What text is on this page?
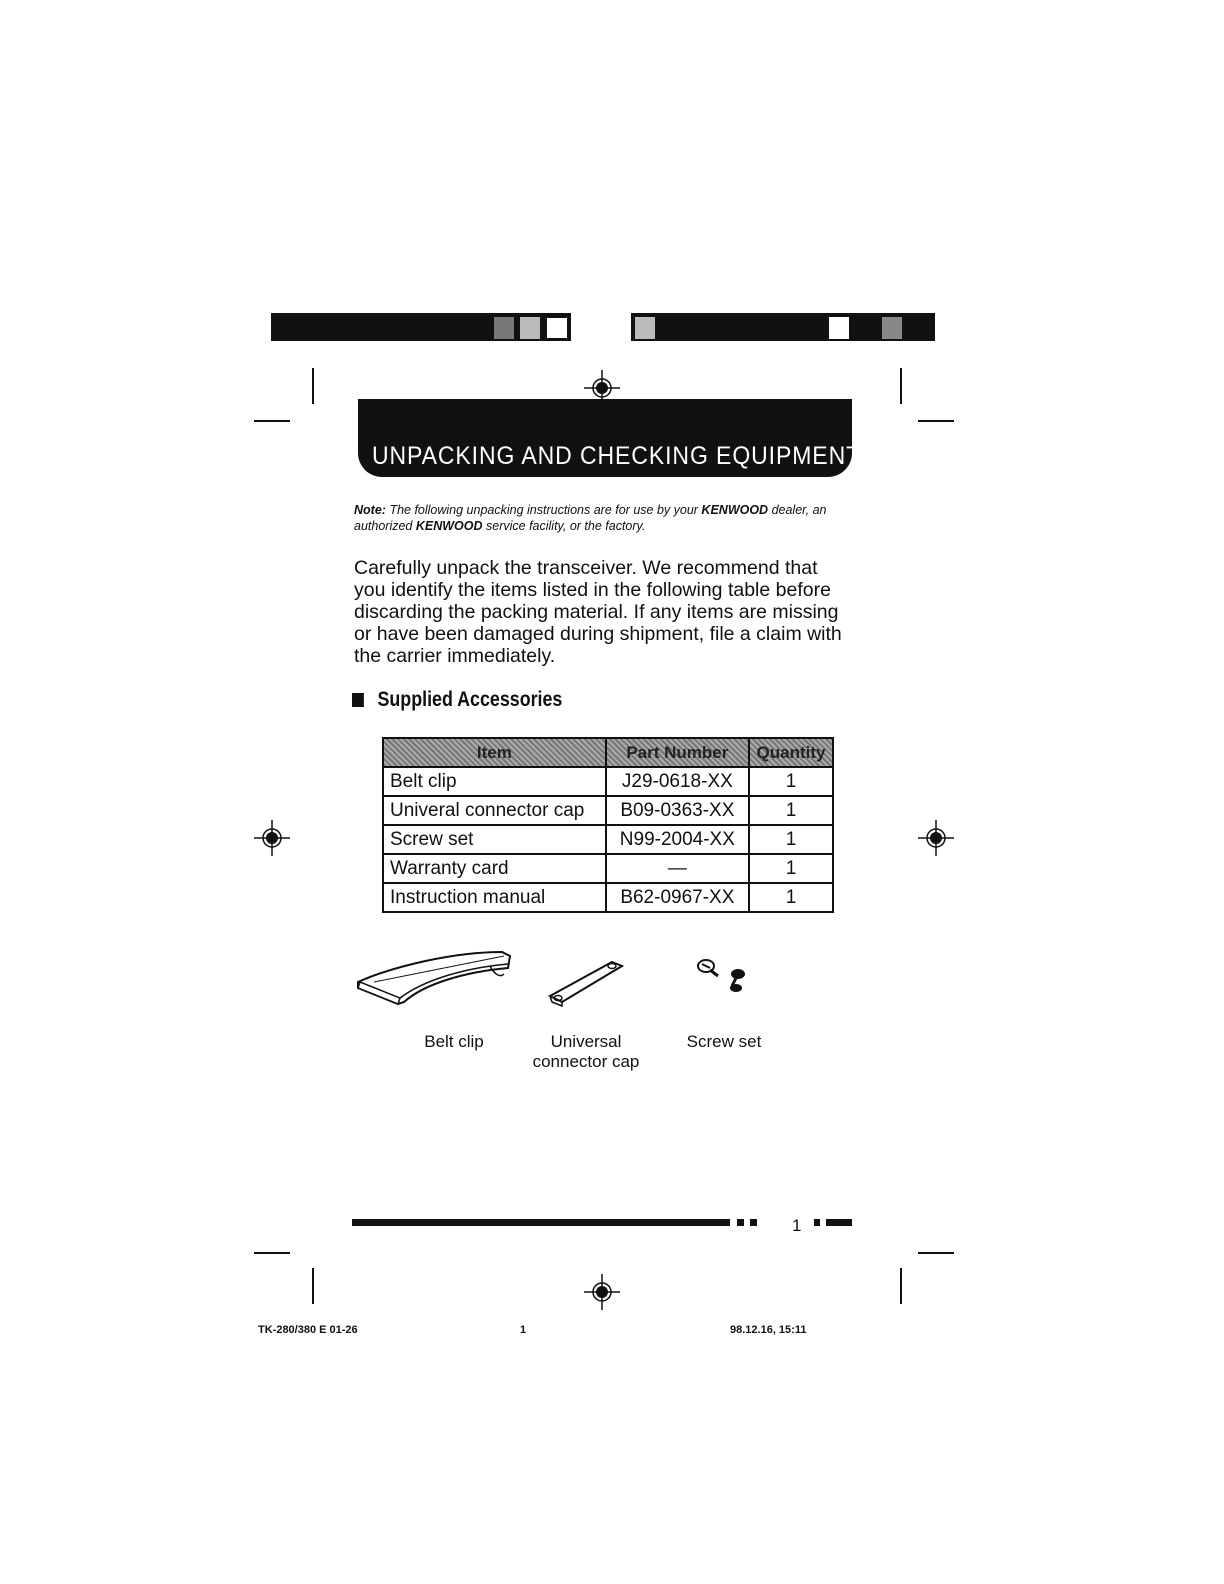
UNPACKING AND CHECKING EQUIPMENT
Note: The following unpacking instructions are for use by your KENWOOD dealer, an authorized KENWOOD service facility, or the factory.
Carefully unpack the transceiver. We recommend that you identify the items listed in the following table before discarding the packing material. If any items are missing or have been damaged during shipment, file a claim with the carrier immediately.
Supplied Accessories
Item	Part Number	Quantity
Belt clip	J29-0618-XX	1
Univeral connector cap	B09-0363-XX	1
Screw set	N99-2004-XX	1
Warranty card	—	1
Instruction manual	B62-0967-XX	1
Belt clip	Universal
connector cap
Screw set
1
TK-280/380 E 01-26	1	98.12.16, 15:11
